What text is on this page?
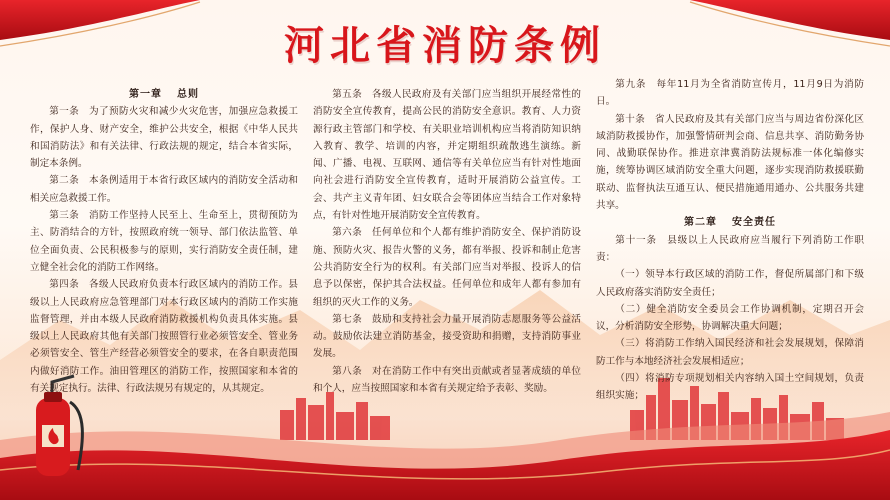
河北省消防条例
第一章 总则

第一条　为了预防火灾和减少火灾危害，加强应急救援工作，保护人身、财产安全，维护公共安全，根据《中华人民共和国消防法》和有关法律、行政法规的规定，结合本省实际，制定本条例。

第二条　本条例适用于本省行政区域内的消防安全活动和相关应急救援工作。

第三条　消防工作坚持人民至上、生命至上，贯彻预防为主、防消结合的方针，按照政府统一领导、部门依法监管、单位全面负责、公民积极参与的原则，实行消防安全责任制，建立健全社会化的消防工作网络。

第四条　各级人民政府负责本行政区域内的消防工作。县级以上人民政府应急管理部门对本行政区域内的消防工作实施监督管理，并由本级人民政府消防救援机构负责具体实施。县级以上人民政府其他有关部门按照管行业必须管安全、管业务必须管安全、管生产经营必须管安全的要求，在各自职责范围内做好消防工作。油田管理区的消防工作，按照国家和本省的有关规定执行。法律、行政法规另有规定的，从其规定。

第五条　各级人民政府及有关部门应当组织开展经常性的消防安全宣传教育，提高公民的消防安全意识。教育、人力资源行政主管部门和学校、有关职业培训机构应当将消防知识纳入教育、教学、培训的内容，并定期组织疏散逃生演练。新闻、广播、电视、互联网、通信等有关单位应当有针对性地面向社会进行消防安全宣传教育，适时开展消防公益宣传。工会、共产主义青年团、妇女联合会等团体应当结合工作对象特点，有针对性地开展消防安全宣传教育。

第六条　任何单位和个人都有维护消防安全、保护消防设施、预防火灾、报告火警的义务，都有举报、投诉和制止危害公共消防安全行为的权利。有关部门应当对举报、投诉人的信息予以保密，保护其合法权益。任何单位和成年人都有参加有组织的灭火工作的义务。

第七条　鼓励和支持社会力量开展消防志愿服务等公益活动。鼓励依法建立消防基金，接受资助和捐赠，支持消防事业发展。

第八条　对在消防工作中有突出贡献或者显著成绩的单位和个人，应当按照国家和本省有关规定给予表彰、奖励。

第九条　每年11月为全省消防宣传月，11月9日为消防日。

第十条　省人民政府及其有关部门应当与周边省份深化区域消防救援协作，加强警情研判会商、信息共享、消防勤务协同、战勤联保协作。推进京津冀消防法规标准一体化编修实施，统筹协调区域消防安全重大问题，逐步实现消防救援联勤联动、监督执法互通互认、便民措施通用通办、公共服务共建共享。

第二章 安全责任

第十一条　县级以上人民政府应当履行下列消防工作职责：

（一）领导本行政区域的消防工作，督促所属部门和下级人民政府落实消防安全责任；

（二）健全消防安全委员会工作协调机制，定期召开会议，分析消防安全形势，协调解决重大问题；

（三）将消防工作纳入国民经济和社会发展规划，保障消防工作与本地经济社会发展相适应；

（四）将消防专项规划相关内容纳入国土空间规划，负责组织实施；
